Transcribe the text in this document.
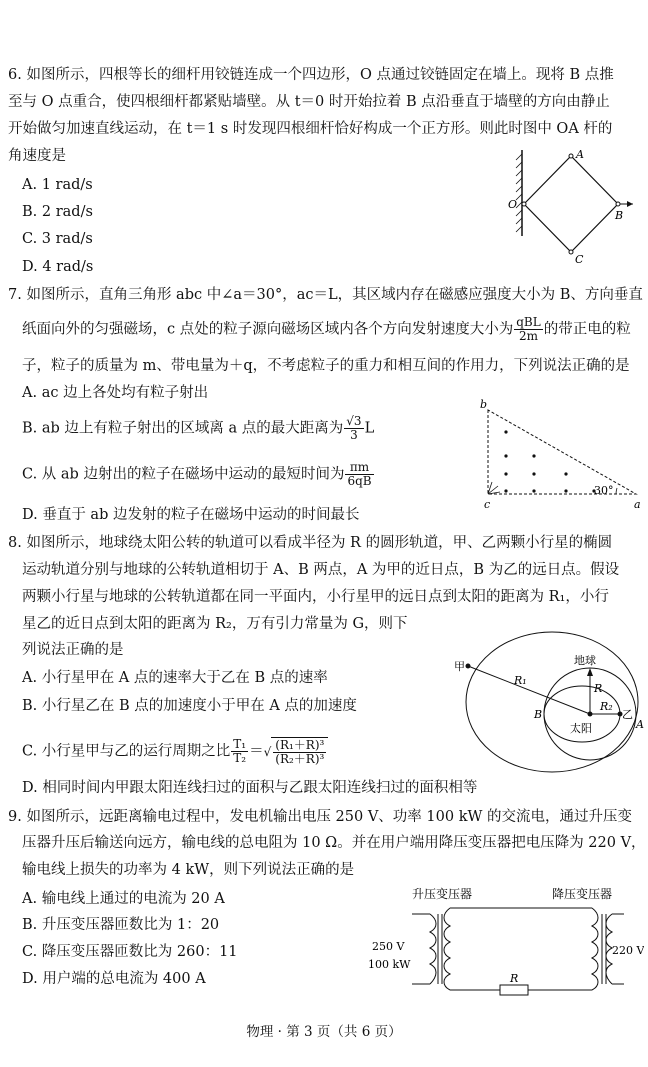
6. 如图所示，四根等长的细杆用铰链连成一个四边形，O 点通过铰链固定在墙上。现将 B 点推
至与 O 点重合，使四根细杆都紧贴墙壁。从 t＝0 时开始拉着 B 点沿垂直于墙壁的方向由静止
开始做匀加速直线运动，在 t＝1 s 时发现四根细杆恰好构成一个正方形。则此时图中 OA 杆的
角速度是
A. 1 rad/s
B. 2 rad/s
C. 3 rad/s
D. 4 rad/s
A
B
C
O
7. 如图所示，直角三角形 abc 中∠a＝30°，ac＝L，其区域内存在磁感应强度大小为 B、方向垂直
纸面向外的匀强磁场，c 点处的粒子源向磁场区域内各个方向发射速度大小为 $\frac{\text{qBL}}{2m}$ 的带正电的粒
子，粒子的质量为 m、带电量为＋q，不考虑粒子的重力和相互间的作用力，下列说法正确的是
A. ac 边上各处均有粒子射出
B. ab 边上有粒子射出的区域离 a 点的最大距离为 $\frac{√3}{3}$ L
C. 从 ab 边射出的粒子在磁场中运动的最短时间为 $\frac{\pi m}{6qB}$
D. 垂直于 ab 边发射的粒子在磁场中运动的时间最长
30°
b
c	a
8. 如图所示，地球绕太阳公转的轨道可以看成半径为 R 的圆形轨道，甲、乙两颗小行星的椭圆
运动轨道分别与地球的公转轨道相切于 A、B 两点，A 为甲的近日点，B 为乙的远日点。假设
两颗小行星与地球的公转轨道都在同一平面内，小行星甲的远日点到太阳的距离为 R₁，小行
星乙的近日点到太阳的距离为 R₂，万有引力常量为 G，则下
列说法正确的是
A. 小行星甲在 A 点的速率大于乙在 B 点的速率
B. 小行星乙在 B 点的加速度小于甲在 A 点的加速度
C. 小行星甲与乙的运行周期之比 $\frac{\text{T₁}}{\text{T₂}}$ ＝√ $\frac{\text{(R₁＋R)³}}{\text{(R₂＋R)³}}$
D. 相同时间内甲跟太阳连线扫过的面积与乙跟太阳连线扫过的面积相等
甲
乙
地球
太阳
R₁
R₂
R
A
B
9. 如图所示，远距离输电过程中，发电机输出电压 250 V、功率 100 kW 的交流电，通过升压变
压器升压后输送向远方，输电线的总电阻为 10 Ω。并在用户端用降压变压器把电压降为 220 V，
输电线上损失的功率为 4 kW，则下列说法正确的是
A. 输电线上通过的电流为 20 A
B. 升压变压器匝数比为 1：20
C. 降压变压器匝数比为 260：11
D. 用户端的总电流为 400 A
升压变压器	降压变压器
R
250 V
100 kW
220 V
物理 · 第 3 页（共 6 页）
